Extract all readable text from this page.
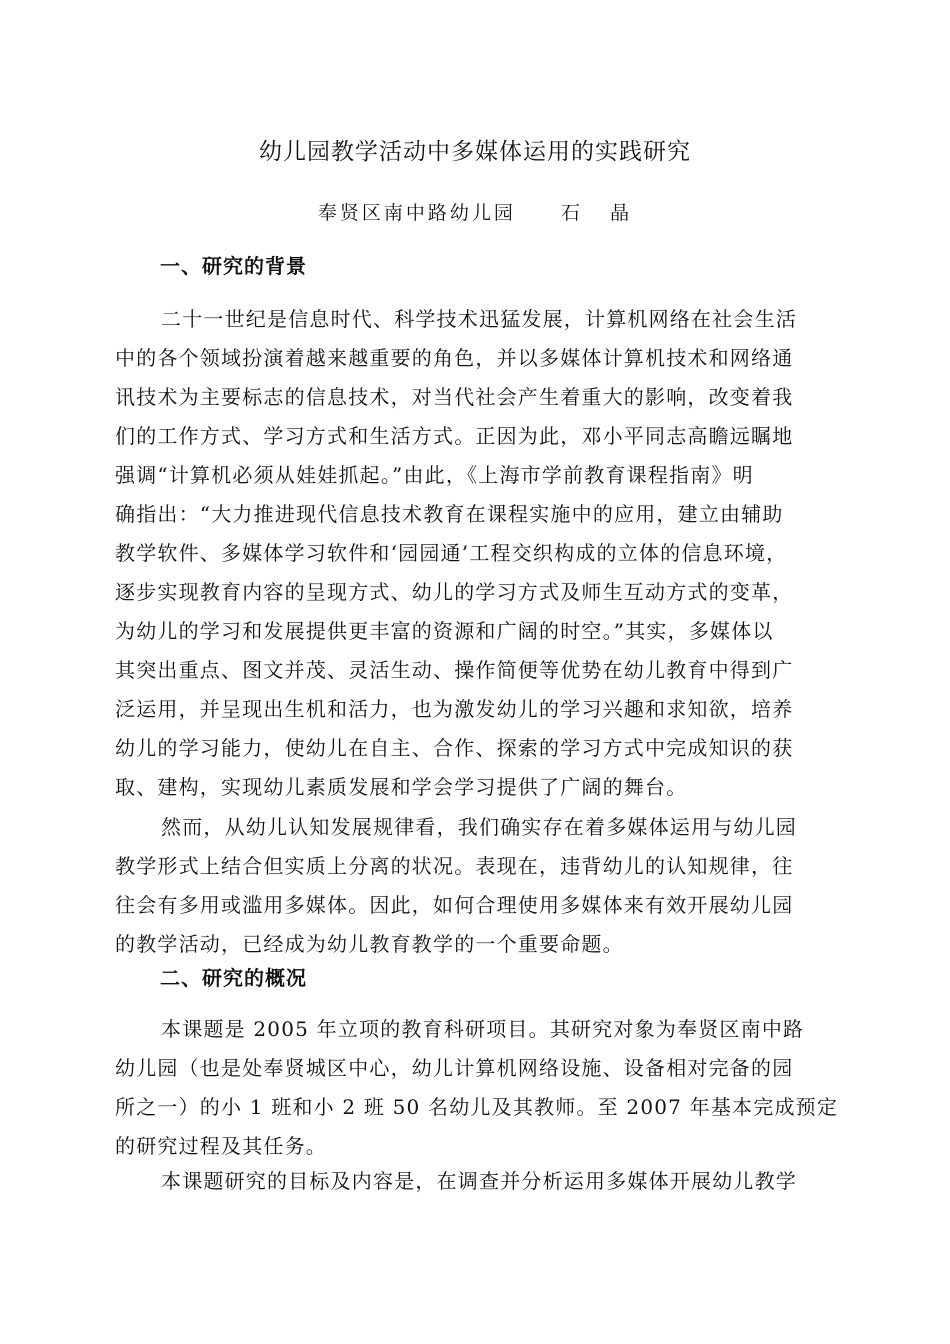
幼儿园教学活动中多媒体运用的实践研究
奉贤区南中路幼儿园     石   晶
一、研究的背景
二十一世纪是信息时代、科学技术迅猛发展，计算机网络在社会生活
中的各个领域扮演着越来越重要的角色，并以多媒体计算机技术和网络通
讯技术为主要标志的信息技术，对当代社会产生着重大的影响，改变着我
们的工作方式、学习方式和生活方式。正因为此，邓小平同志高瞻远瞩地
强调“计算机必须从娃娃抓起。”由此，《上海市学前教育课程指南》明
确指出：“大力推进现代信息技术教育在课程实施中的应用，建立由辅助
教学软件、多媒体学习软件和‘园园通’工程交织构成的立体的信息环境，
逐步实现教育内容的呈现方式、幼儿的学习方式及师生互动方式的变革，
为幼儿的学习和发展提供更丰富的资源和广阔的时空。”其实，多媒体以
其突出重点、图文并茂、灵活生动、操作简便等优势在幼儿教育中得到广
泛运用，并呈现出生机和活力，也为激发幼儿的学习兴趣和求知欲，培养
幼儿的学习能力，使幼儿在自主、合作、探索的学习方式中完成知识的获
取、建构，实现幼儿素质发展和学会学习提供了广阔的舞台。
然而，从幼儿认知发展规律看，我们确实存在着多媒体运用与幼儿园
教学形式上结合但实质上分离的状况。表现在，违背幼儿的认知规律，往
往会有多用或滥用多媒体。因此，如何合理使用多媒体来有效开展幼儿园
的教学活动，已经成为幼儿教育教学的一个重要命题。
二、研究的概况
本课题是 2005 年立项的教育科研项目。其研究对象为奉贤区南中路
幼儿园（也是处奉贤城区中心，幼儿计算机网络设施、设备相对完备的园
所之一）的小 1 班和小 2 班 50 名幼儿及其教师。至 2007 年基本完成预定
的研究过程及其任务。
本课题研究的目标及内容是，在调查并分析运用多媒体开展幼儿教学
